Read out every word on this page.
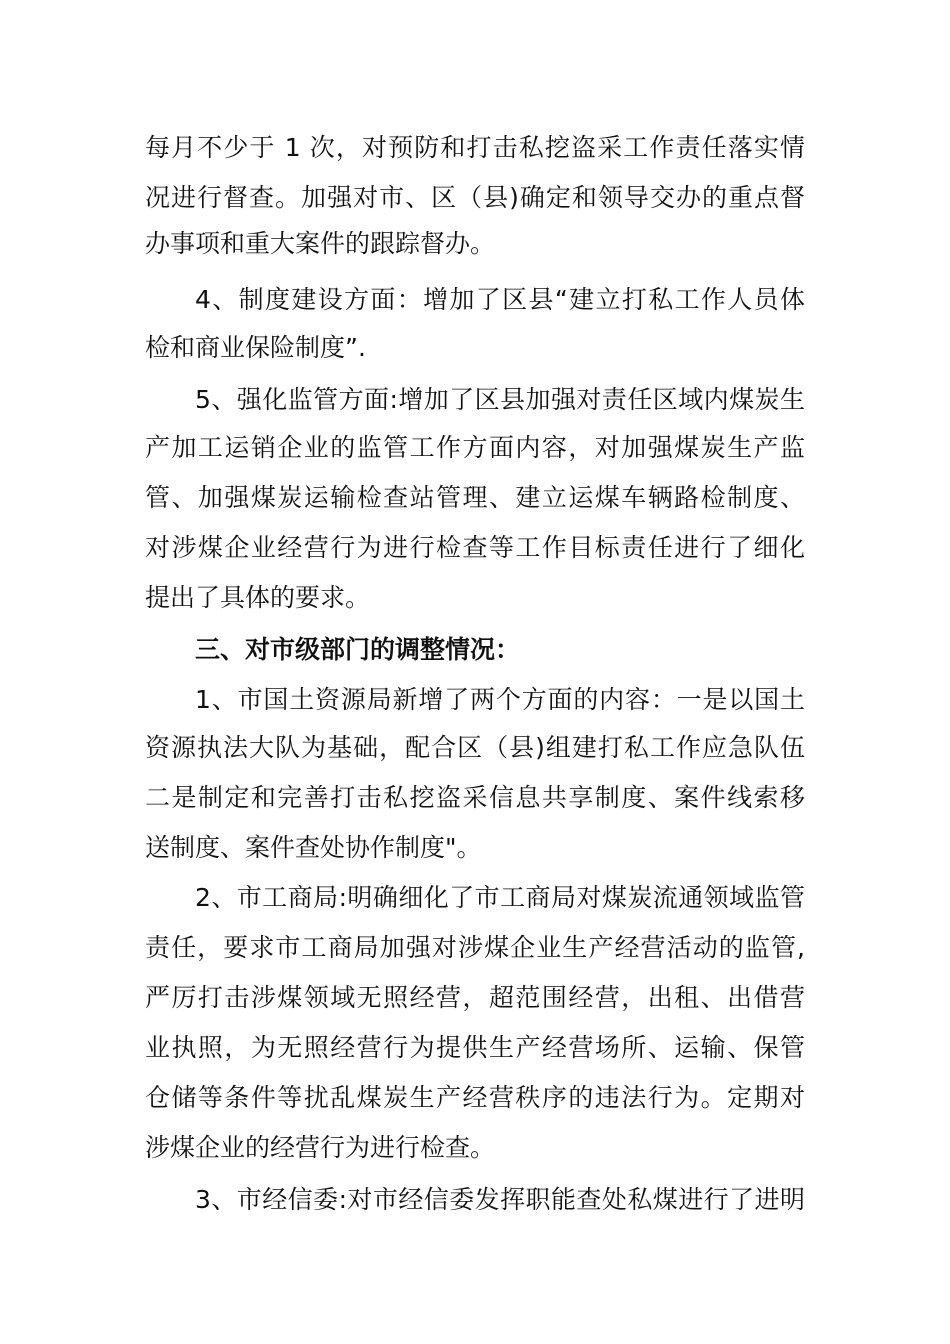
每月不少于 1 次，对预防和打击私挖盗采工作责任落实情
况进行督查。加强对市、区（县)确定和领导交办的重点督
办事项和重大案件的跟踪督办。
4、制度建设方面：增加了区县“建立打私工作人员体
检和商业保险制度”.
5、强化监管方面:增加了区县加强对责任区域内煤炭生
产加工运销企业的监管工作方面内容，对加强煤炭生产监
管、加强煤炭运输检查站管理、建立运煤车辆路检制度、
对涉煤企业经营行为进行检查等工作目标责任进行了细化
提出了具体的要求。
三、对市级部门的调整情况：
1、市国土资源局新增了两个方面的内容：一是以国土
资源执法大队为基础，配合区（县)组建打私工作应急队伍
二是制定和完善打击私挖盗采信息共享制度、案件线索移
送制度、案件查处协作制度"。
2、市工商局:明确细化了市工商局对煤炭流通领域监管
责任，要求市工商局加强对涉煤企业生产经营活动的监管,
严厉打击涉煤领域无照经营，超范围经营，出租、出借营
业执照，为无照经营行为提供生产经营场所、运输、保管
仓储等条件等扰乱煤炭生产经营秩序的违法行为。定期对
涉煤企业的经营行为进行检查。
3、市经信委:对市经信委发挥职能查处私煤进行了进明
